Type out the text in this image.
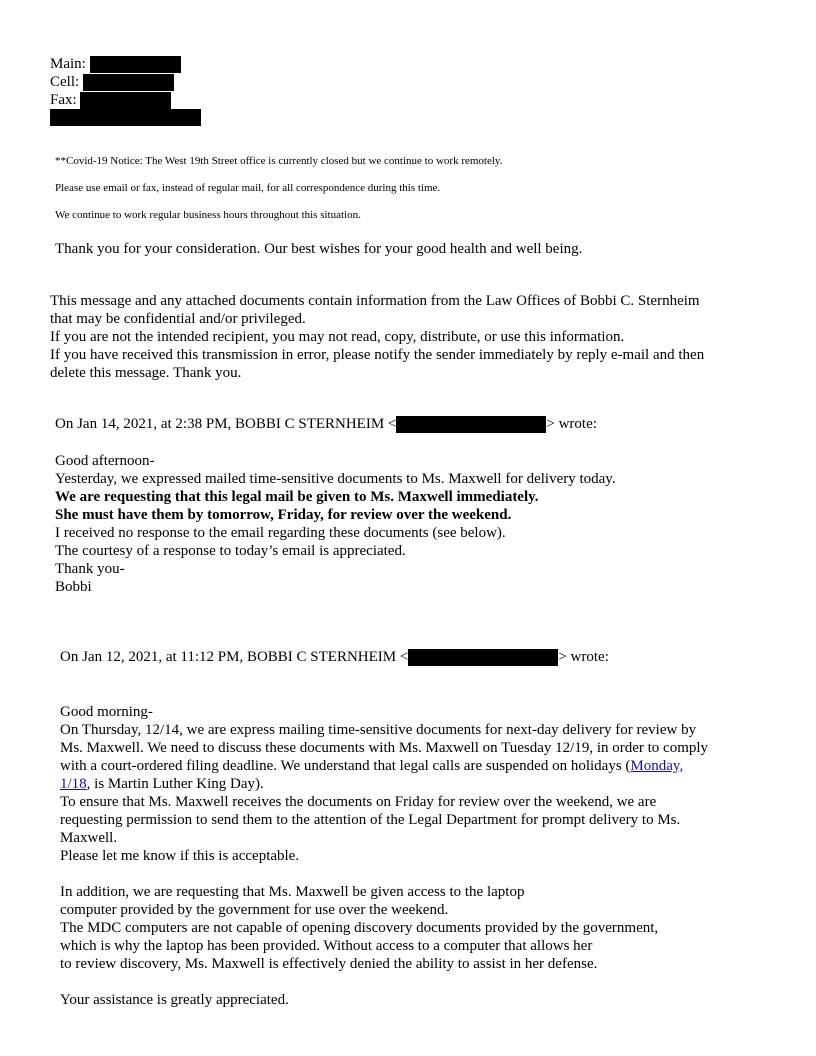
Main:
Cell:
Fax:
**Covid-19 Notice: The West 19th Street office is currently closed but we continue to work remotely.
Please use email or fax, instead of regular mail, for all correspondence during this time.
We continue to work regular business hours throughout this situation.
Thank you for your consideration. Our best wishes for your good health and well being.
This message and any attached documents contain information from the Law Offices of Bobbi C. Sternheim
that may be confidential and/or privileged.
If you are not the intended recipient, you may not read, copy, distribute, or use this information.
If you have received this transmission in error, please notify the sender immediately by reply e-mail and then
delete this message. Thank you.
On Jan 14, 2021, at 2:38 PM, BOBBI C STERNHEIM <	> wrote:
Good afternoon-
Yesterday, we expressed mailed time-sensitive documents to Ms. Maxwell for delivery today.
We are requesting that this legal mail be given to Ms. Maxwell immediately.
She must have them by tomorrow, Friday, for review over the weekend.
I received no response to the email regarding these documents (see below).
The courtesy of a response to today’s email is appreciated.
Thank you-
Bobbi
On Jan 12, 2021, at 11:12 PM, BOBBI C STERNHEIM <	> wrote:
Good morning-
On Thursday, 12/14, we are express mailing time-sensitive documents for next-day delivery for review by
Ms. Maxwell. We need to discuss these documents with Ms. Maxwell on Tuesday 12/19, in order to comply
with a court-ordered filing deadline. We understand that legal calls are suspended on holidays (Monday,
1/18, is Martin Luther King Day).
To ensure that Ms. Maxwell receives the documents on Friday for review over the weekend, we are
requesting permission to send them to the attention of the Legal Department for prompt delivery to Ms.
Maxwell.
Please let me know if this is acceptable.
In addition, we are requesting that Ms. Maxwell be given access to the laptop
computer provided by the government for use over the weekend.
The MDC computers are not capable of opening discovery documents provided by the government,
which is why the laptop has been provided. Without access to a computer that allows her
to review discovery, Ms. Maxwell is effectively denied the ability to assist in her defense.
Your assistance is greatly appreciated.
